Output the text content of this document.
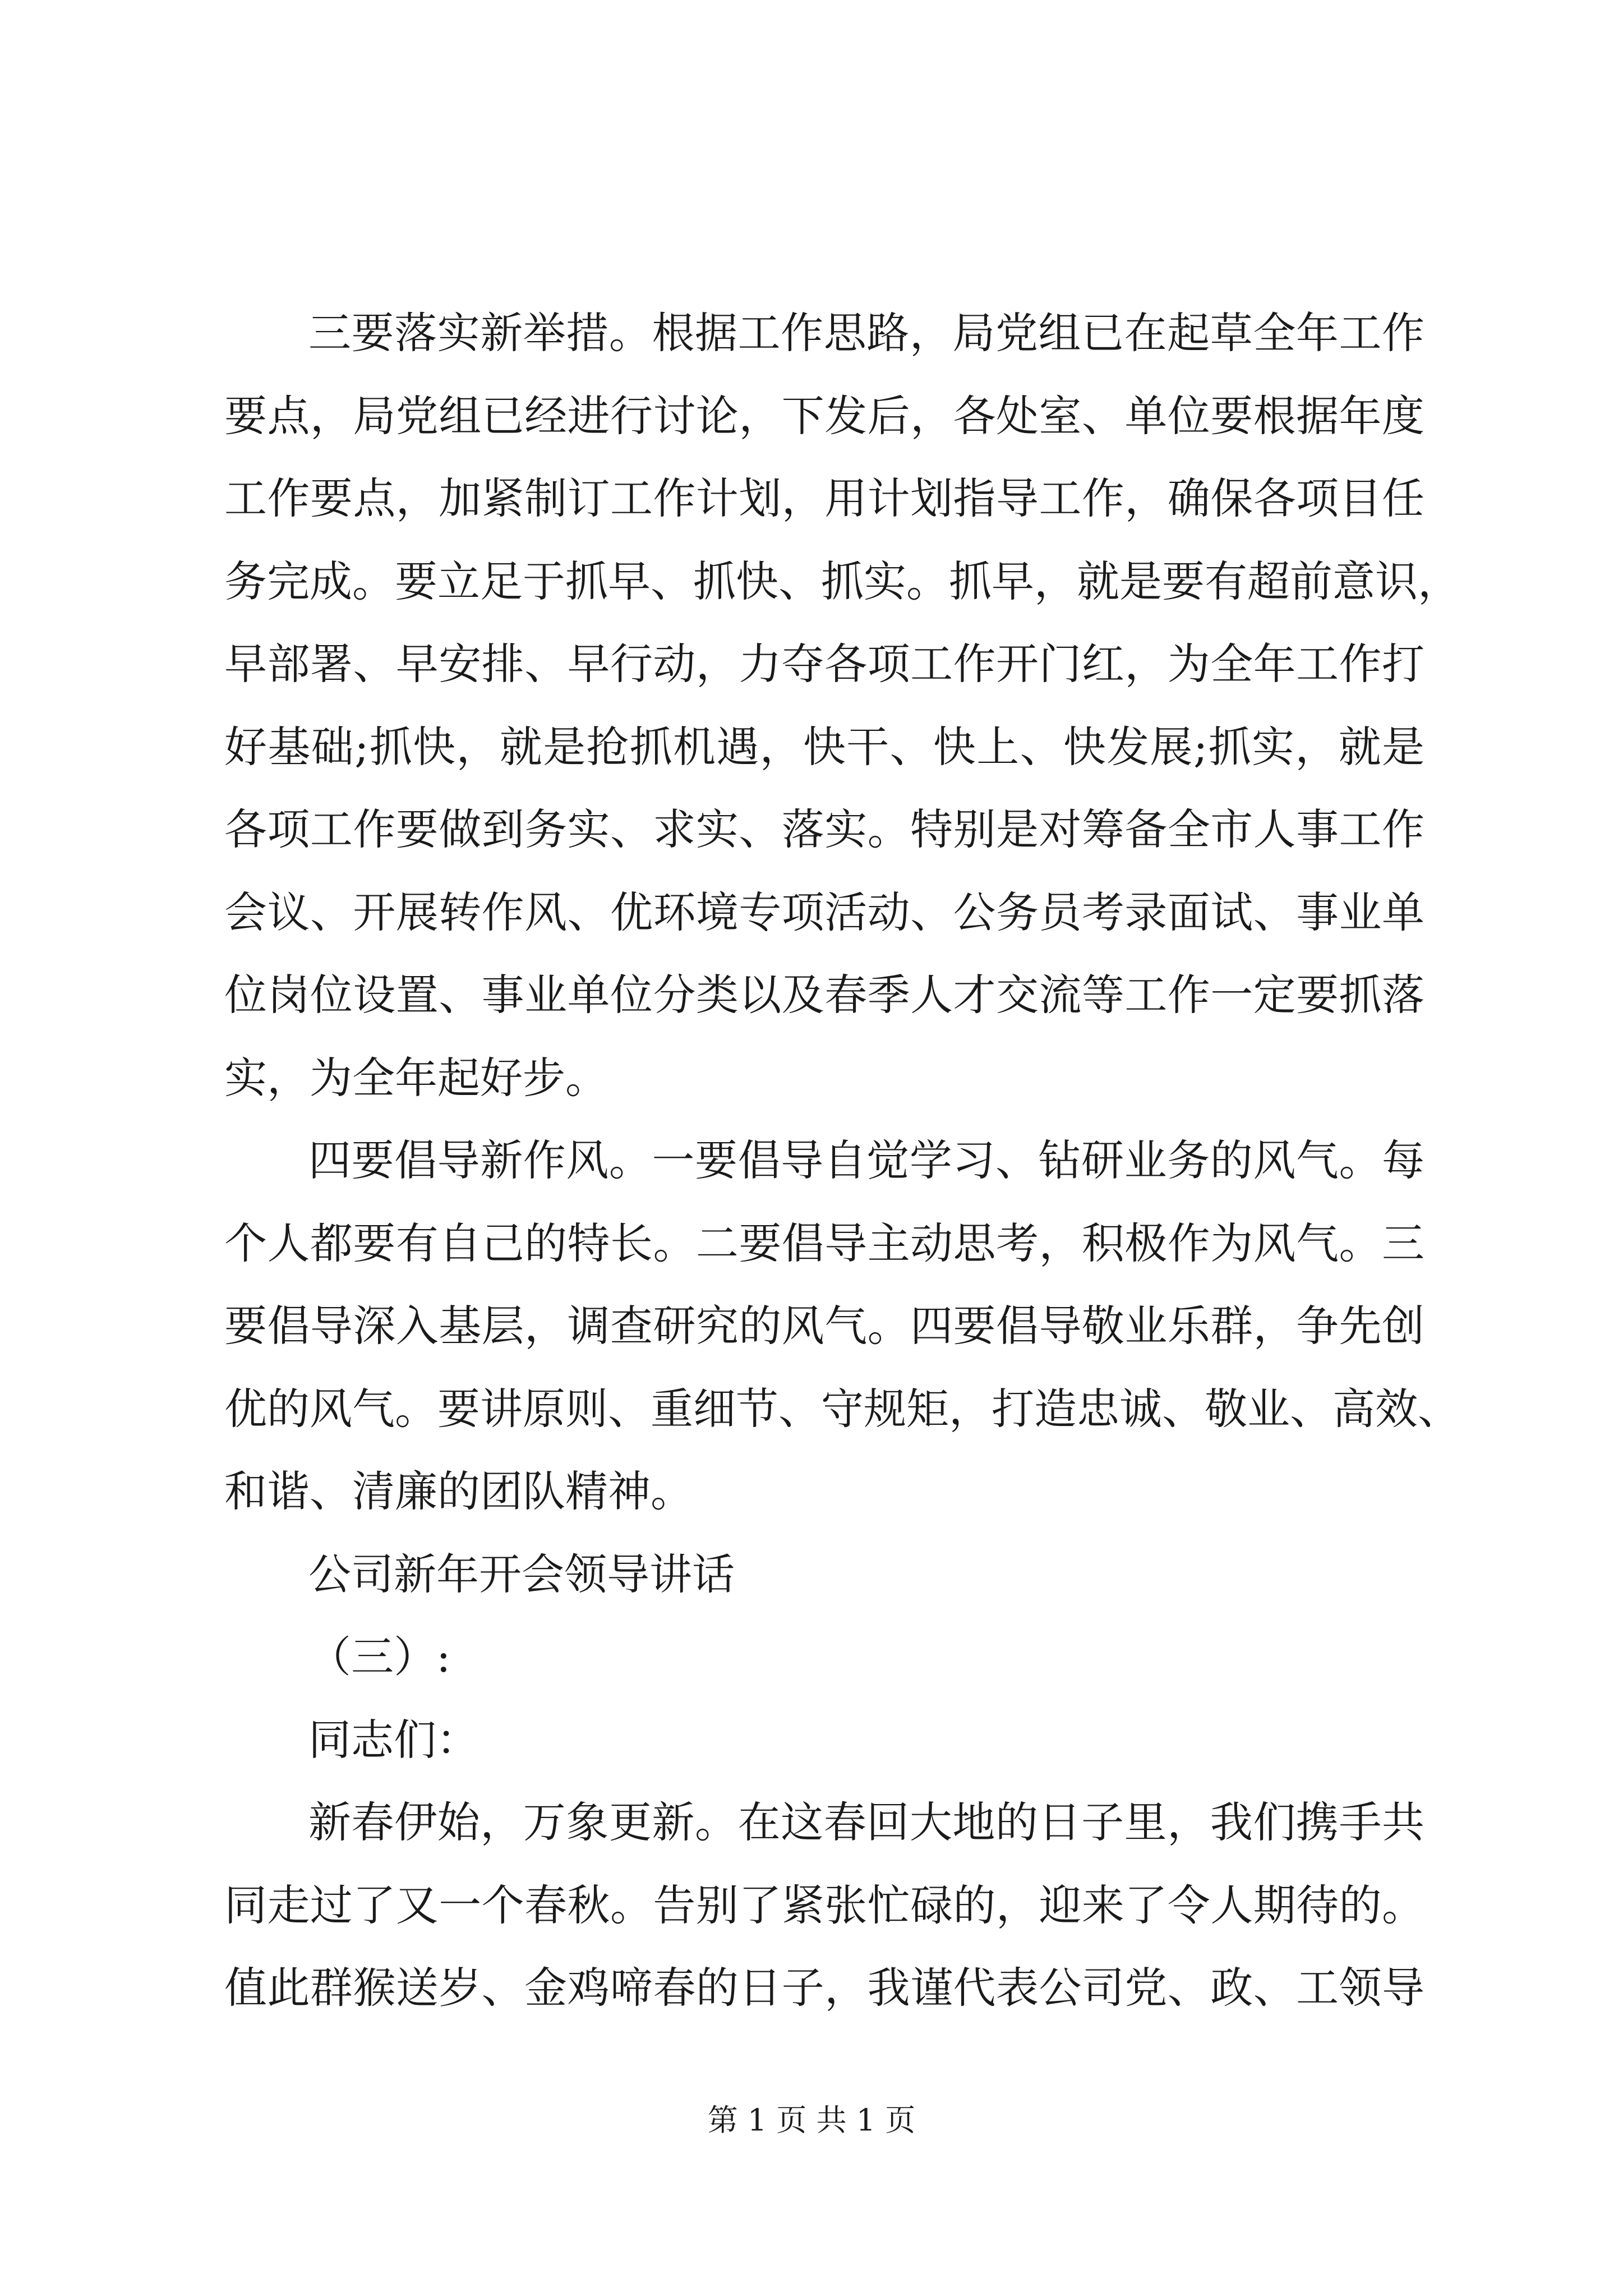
三要落实新举措。根据工作思路，局党组已在起草全年工作
要点，局党组已经进行讨论，下发后，各处室、单位要根据年度
工作要点，加紧制订工作计划，用计划指导工作，确保各项目任
务完成。要立足于抓早、抓快、抓实。抓早，就是要有超前意识，
早部署、早安排、早行动，力夺各项工作开门红，为全年工作打
好基础;抓快，就是抢抓机遇，快干、快上、快发展;抓实，就是
各项工作要做到务实、求实、落实。特别是对筹备全市人事工作
会议、开展转作风、优环境专项活动、公务员考录面试、事业单
位岗位设置、事业单位分类以及春季人才交流等工作一定要抓落
实，为全年起好步。
四要倡导新作风。一要倡导自觉学习、钻研业务的风气。每
个人都要有自己的特长。二要倡导主动思考，积极作为风气。三
要倡导深入基层，调查研究的风气。四要倡导敬业乐群，争先创
优的风气。要讲原则、重细节、守规矩，打造忠诚、敬业、高效、
和谐、清廉的团队精神。
公司新年开会领导讲话
（三）:
同志们：
新春伊始，万象更新。在这春回大地的日子里，我们携手共
同走过了又一个春秋。告别了紧张忙碌的，迎来了令人期待的。
值此群猴送岁、金鸡啼春的日子，我谨代表公司党、政、工领导
第 1 页 共 1 页
